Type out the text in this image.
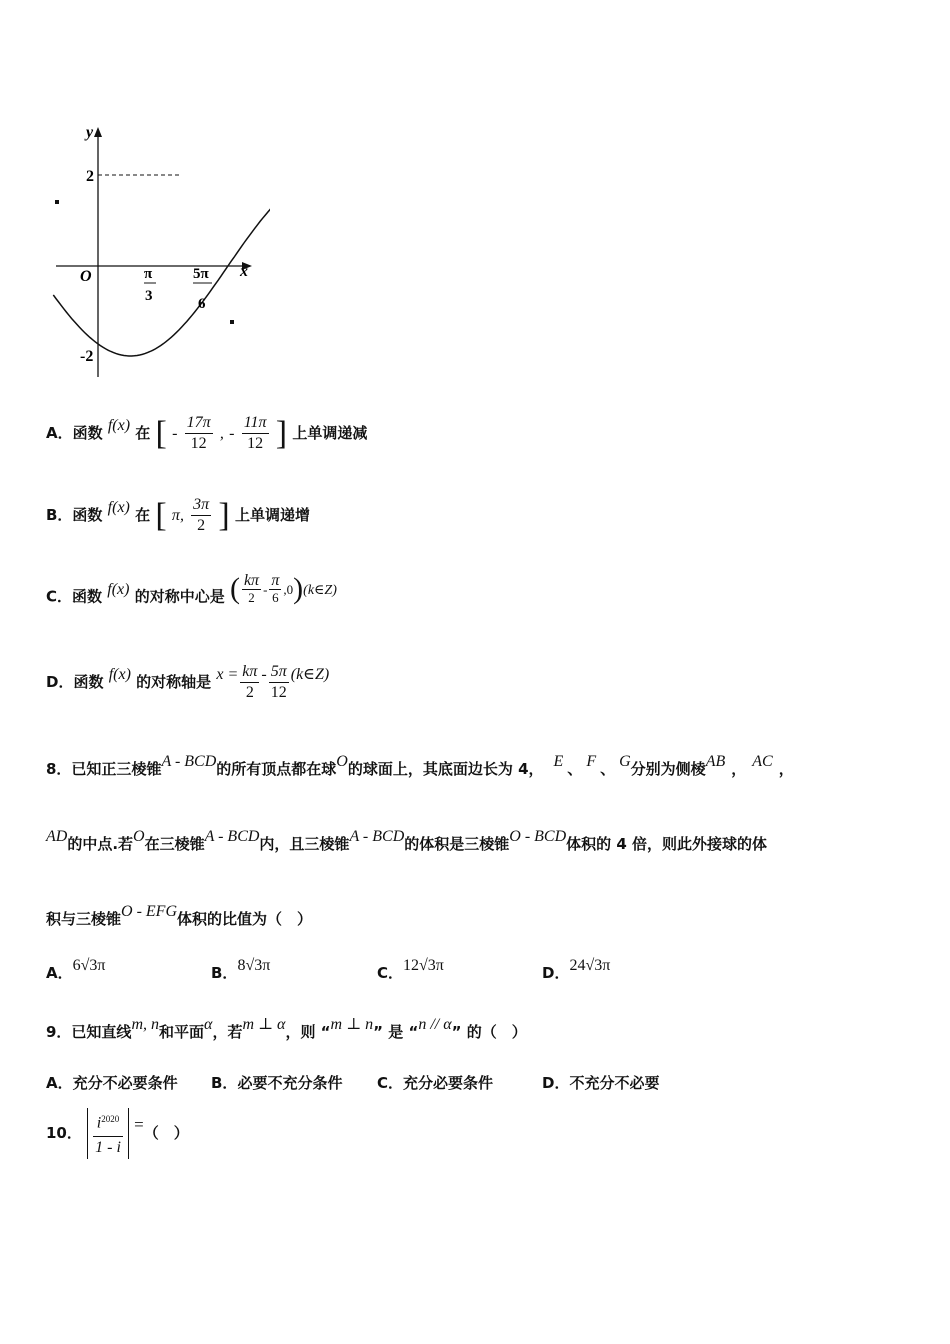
y
x
O
2
-2
π
3
5π
6
A．函数 f(x) 在 [ - $\frac{17\pi}{12}$ , - $\frac{11\pi}{12}$ ] 上单调递减
B．函数 f(x) 在 [ π, $\frac{3\pi}{2}$ ] 上单调递增
C．函数 f(x) 的对称中心是 ( $\frac{k\pi}{2} - \frac{\pi}{6}$ ,0)(k∈Z)
D．函数 f(x) 的对称轴是 $x = \frac{k\pi}{2} - \frac{5\pi}{12}$ (k∈Z)
8．已知正三棱锥A - BCD的所有顶点都在球O的球面上，其底面边长为 4， E 、 F 、 G分别为侧棱AB ， AC ，
AD的中点.若O在三棱锥A - BCD内，且三棱锥A - BCD的体积是三棱锥O - BCD体积的 4 倍，则此外接球的体
积与三棱锥O - EFG体积的比值为（　）
A．6√3π	B．8√3π	C．12√3π	D．24√3π
9．已知直线m, n和平面α，若m ⊥ α，则 “m ⊥ n” 是 “n // α” 的（　）
A．充分不必要条件 B．必要不充分条件 C．充分必要条件	D．不充分不必要
10． $\frac{i^{2020}}{1 - i}$ =（　）
